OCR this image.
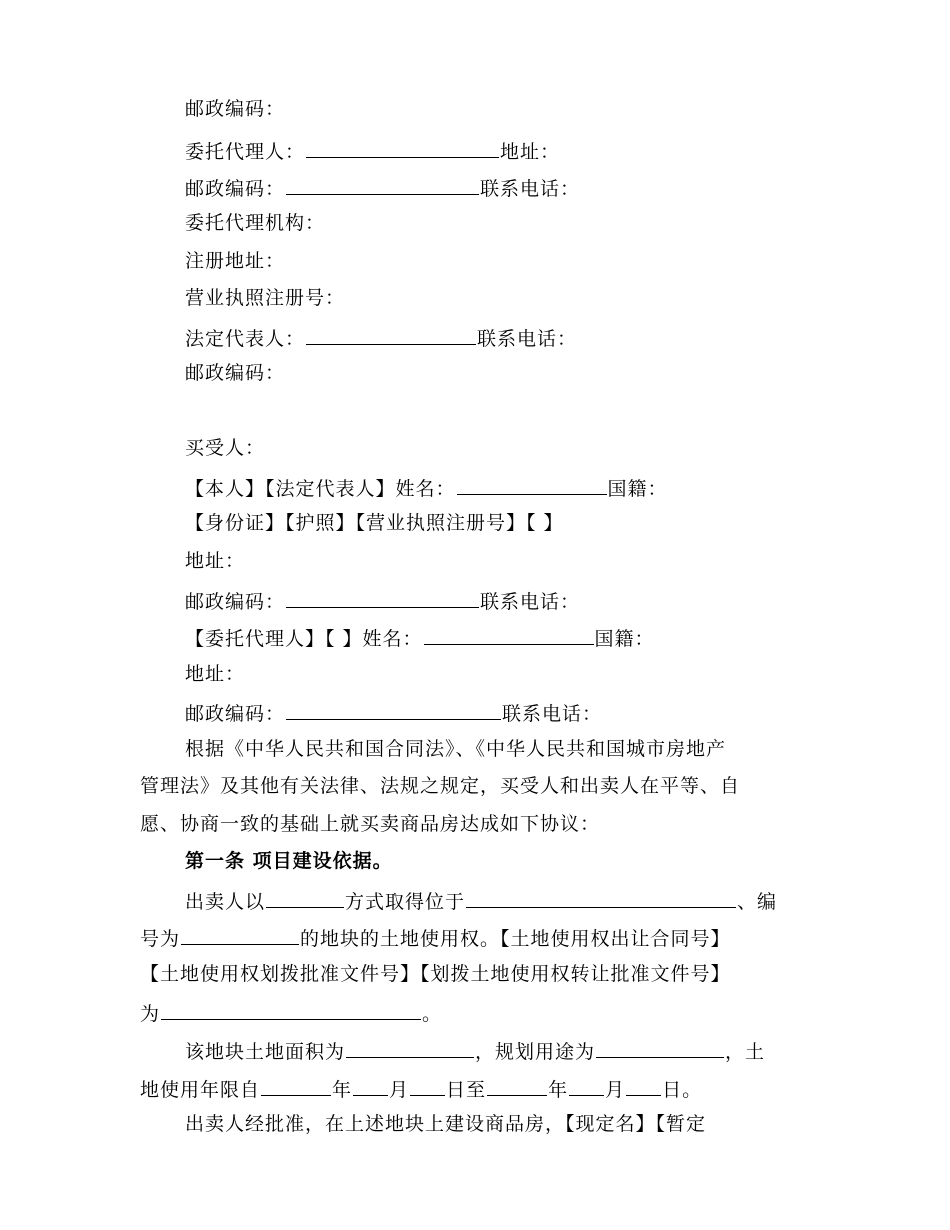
邮政编码：
委托代理人：	地址：
邮政编码：	联系电话：
委托代理机构：
注册地址：
营业执照注册号：
法定代表人：	联系电话：
邮政编码：
买受人：
【本人】【法定代表人】姓名：	国籍：
【身份证】【护照】【营业执照注册号】【 】
地址：
邮政编码：	联系电话：
【委托代理人】【 】姓名：	国籍：
地址：
邮政编码：	联系电话：
根据《中华人民共和国合同法》、《中华人民共和国城市房地产
管理法》及其他有关法律、法规之规定，买受人和出卖人在平等、自
愿、协商一致的基础上就买卖商品房达成如下协议：
第一条 项目建设依据。
出卖人以	方式取得位于	、编
号为	的地块的土地使用权。【土地使用权出让合同号】
【土地使用权划拨批准文件号】【划拨土地使用权转让批准文件号】
为	。
该地块土地面积为	，规划用途为	，土
地使用年限自	年 月 日至	年 月 日。
出卖人经批准，在上述地块上建设商品房，【现定名】【暂定
